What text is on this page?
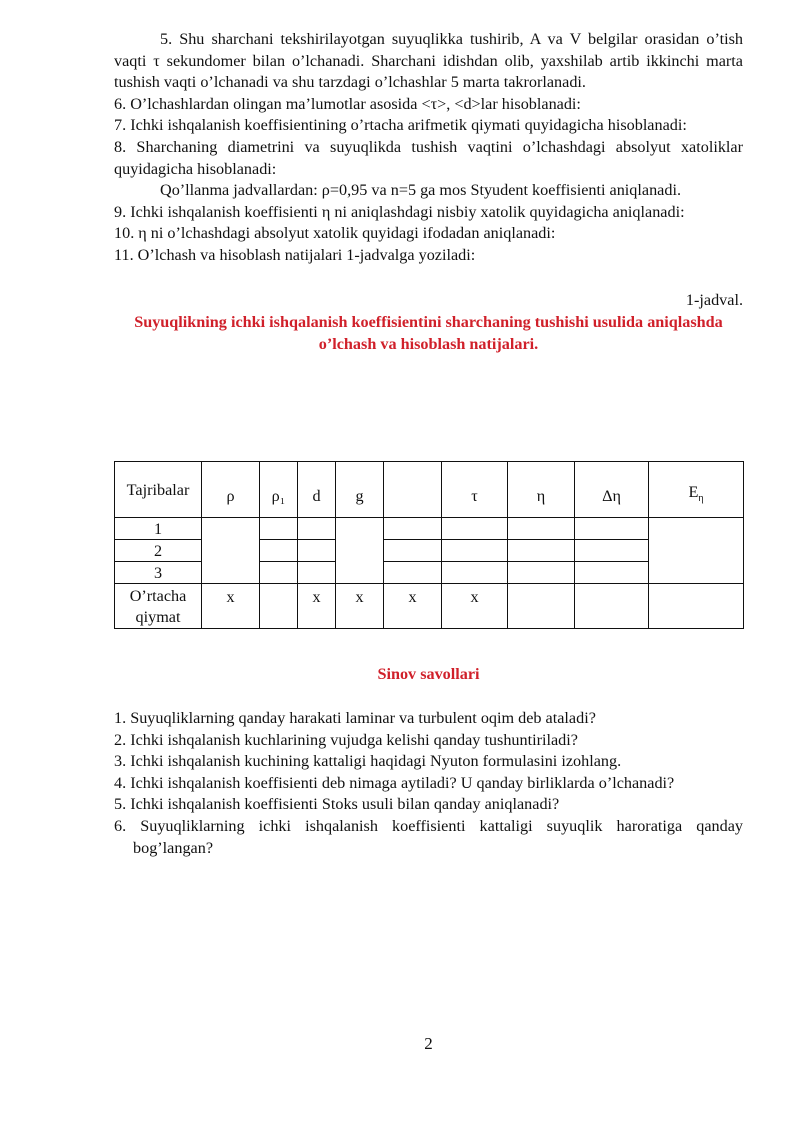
5. Shu sharchani tekshirilayotgan suyuqlikka tushirib, A va V belgilar orasidan o’tish vaqti τ sekundomer bilan o’lchanadi. Sharchani idishdan olib, yaxshilab artib ikkinchi marta tushish vaqti o’lchanadi va shu tarzdagi o’lchashlar 5 marta takrorlanadi.

6. O’lchashlardan olingan ma’lumotlar asosida <τ>, <d>lar hisoblanadi:

7. Ichki ishqalanish koeffisientining o’rtacha arifmetik qiymati quyidagicha hisoblanadi:

8. Sharchaning diametrini va suyuqlikda tushish vaqtini o’lchashdagi absolyut xatoliklar quyidagicha hisoblanadi:

Qo’llanma jadvallardan: ρ=0,95 va n=5 ga mos Styudent koeffisienti aniqlanadi.

9. Ichki ishqalanish koeffisienti η ni aniqlashdagi nisbiy xatolik quyidagicha aniqlanadi:

10. η ni o’lchashdagi absolyut xatolik quyidagi ifodadan aniqlanadi:

11. O’lchash va hisoblash natijalari 1-jadvalga yoziladi:

1-jadval.

Suyuqlikning ichki ishqalanish koeffisientini sharchaning tushishi usulida aniqlashda o’lchash va hisoblash natijalari.

Tajribalar	ρ	ρ₁	d	g		τ	η	Δη	$E_\eta$
1									
2									
3									
O’rtacha qiymat	x		x	x	x	x			
Sinov savollari
1. Suyuqliklarning qanday harakati laminar va turbulent oqim deb ataladi?
2. Ichki ishqalanish kuchlarining vujudga kelishi qanday tushuntiriladi?
3. Ichki ishqalanish kuchining kattaligi haqidagi Nyuton formulasini izohlang.
4. Ichki ishqalanish koeffisienti deb nimaga aytiladi? U qanday birliklarda o’lchanadi?
5. Ichki ishqalanish koeffisienti Stoks usuli bilan qanday aniqlanadi?
6. Suyuqliklarning ichki ishqalanish koeffisienti kattaligi suyuqlik haroratiga qanday bog’langan?
2
